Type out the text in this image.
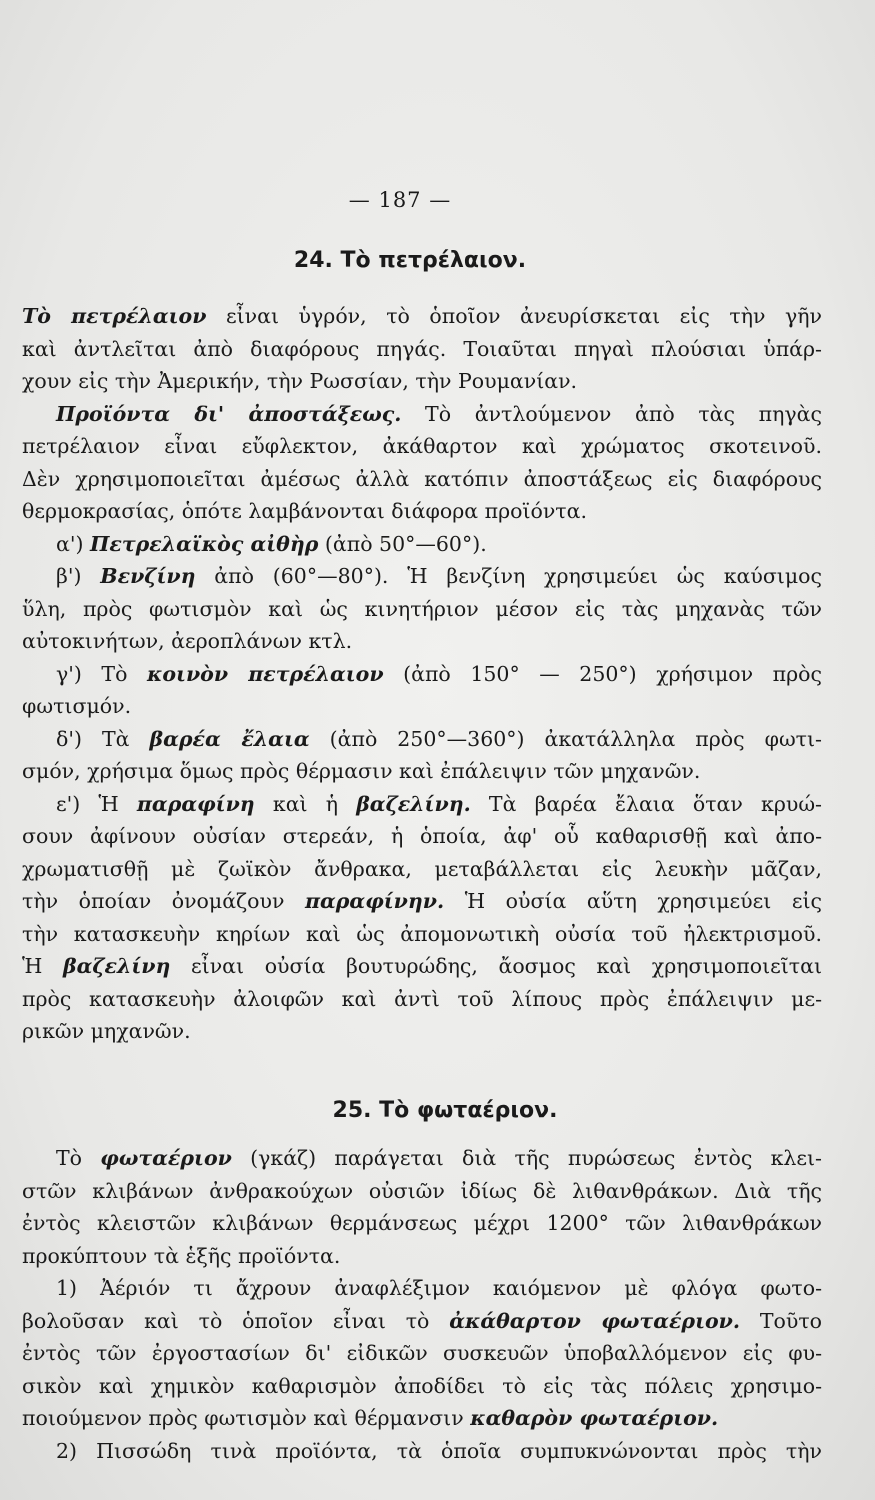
— 187 —
24. Τὸ πετρέλαιον.
Τὸ πετρέλαιον εἶναι ὑγρόν, τὸ ὁποῖον ἀνευρίσκεται εἰς τὴν γῆν
καὶ ἀντλεῖται ἀπὸ διαφόρους πηγάς. Τοιαῦται πηγαὶ πλούσιαι ὑπάρ-
χουν εἰς τὴν Ἀμερικήν, τὴν Ρωσσίαν, τὴν Ρουμανίαν.
Προϊόντα δι' ἀποστάξεως. Τὸ ἀντλούμενον ἀπὸ τὰς πηγὰς
πετρέλαιον εἶναι εὔφλεκτον, ἀκάθαρτον καὶ χρώματος σκοτεινοῦ.
Δὲν χρησιμοποιεῖται ἀμέσως ἀλλὰ κατόπιν ἀποστάξεως εἰς διαφόρους
θερμοκρασίας, ὁπότε λαμβάνονται διάφορα προϊόντα.
α') Πετρελαϊκὸς αἰθὴρ (ἀπὸ 50°—60°).
β') Βενζίνη ἀπὸ (60°—80°). Ἡ βενζίνη χρησιμεύει ὡς καύσιμος
ὕλη, πρὸς φωτισμὸν καὶ ὡς κινητήριον μέσον εἰς τὰς μηχανὰς τῶν
αὐτοκινήτων, ἀεροπλάνων κτλ.
γ') Τὸ κοινὸν πετρέλαιον (ἀπὸ 150° — 250°) χρήσιμον πρὸς
φωτισμόν.
δ') Τὰ βαρέα ἔλαια (ἀπὸ 250°—360°) ἀκατάλληλα πρὸς φωτι-
σμόν, χρήσιμα ὅμως πρὸς θέρμασιν καὶ ἐπάλειψιν τῶν μηχανῶν.
ε') Ἡ παραφίνη καὶ ἡ βαζελίνη. Τὰ βαρέα ἔλαια ὅταν κρυώ-
σουν ἀφίνουν οὐσίαν στερεάν, ἡ ὁποία, ἀφ' οὗ καθαρισθῇ καὶ ἀπο-
χρωματισθῇ μὲ ζωϊκὸν ἄνθρακα, μεταβάλλεται εἰς λευκὴν μᾶζαν,
τὴν ὁποίαν ὀνομάζουν παραφίνην. Ἡ οὐσία αὕτη χρησιμεύει εἰς
τὴν κατασκευὴν κηρίων καὶ ὡς ἀπομονωτικὴ οὐσία τοῦ ἠλεκτρισμοῦ.
Ἡ βαζελίνη εἶναι οὐσία βουτυρώδης, ἄοσμος καὶ χρησιμοποιεῖται
πρὸς κατασκευὴν ἀλοιφῶν καὶ ἀντὶ τοῦ λίπους πρὸς ἐπάλειψιν με-
ρικῶν μηχανῶν.
25. Τὸ φωταέριον.
Τὸ φωταέριον (γκάζ) παράγεται διὰ τῆς πυρώσεως ἐντὸς κλει-
στῶν κλιβάνων ἀνθρακούχων οὐσιῶν ἰδίως δὲ λιθανθράκων. Διὰ τῆς
ἐντὸς κλειστῶν κλιβάνων θερμάνσεως μέχρι 1200° τῶν λιθανθράκων
προκύπτουν τὰ ἑξῆς προϊόντα.
1) Ἀέριόν τι ἄχρουν ἀναφλέξιμον καιόμενον μὲ φλόγα φωτο-
βολοῦσαν καὶ τὸ ὁποῖον εἶναι τὸ ἀκάθαρτον φωταέριον. Τοῦτο
ἐντὸς τῶν ἐργοστασίων δι' εἰδικῶν συσκευῶν ὑποβαλλόμενον εἰς φυ-
σικὸν καὶ χημικὸν καθαρισμὸν ἀποδίδει τὸ εἰς τὰς πόλεις χρησιμο-
ποιούμενον πρὸς φωτισμὸν καὶ θέρμανσιν καθαρὸν φωταέριον.
2) Πισσώδη τινὰ προϊόντα, τὰ ὁποῖα συμπυκνώνονται πρὸς τὴν
